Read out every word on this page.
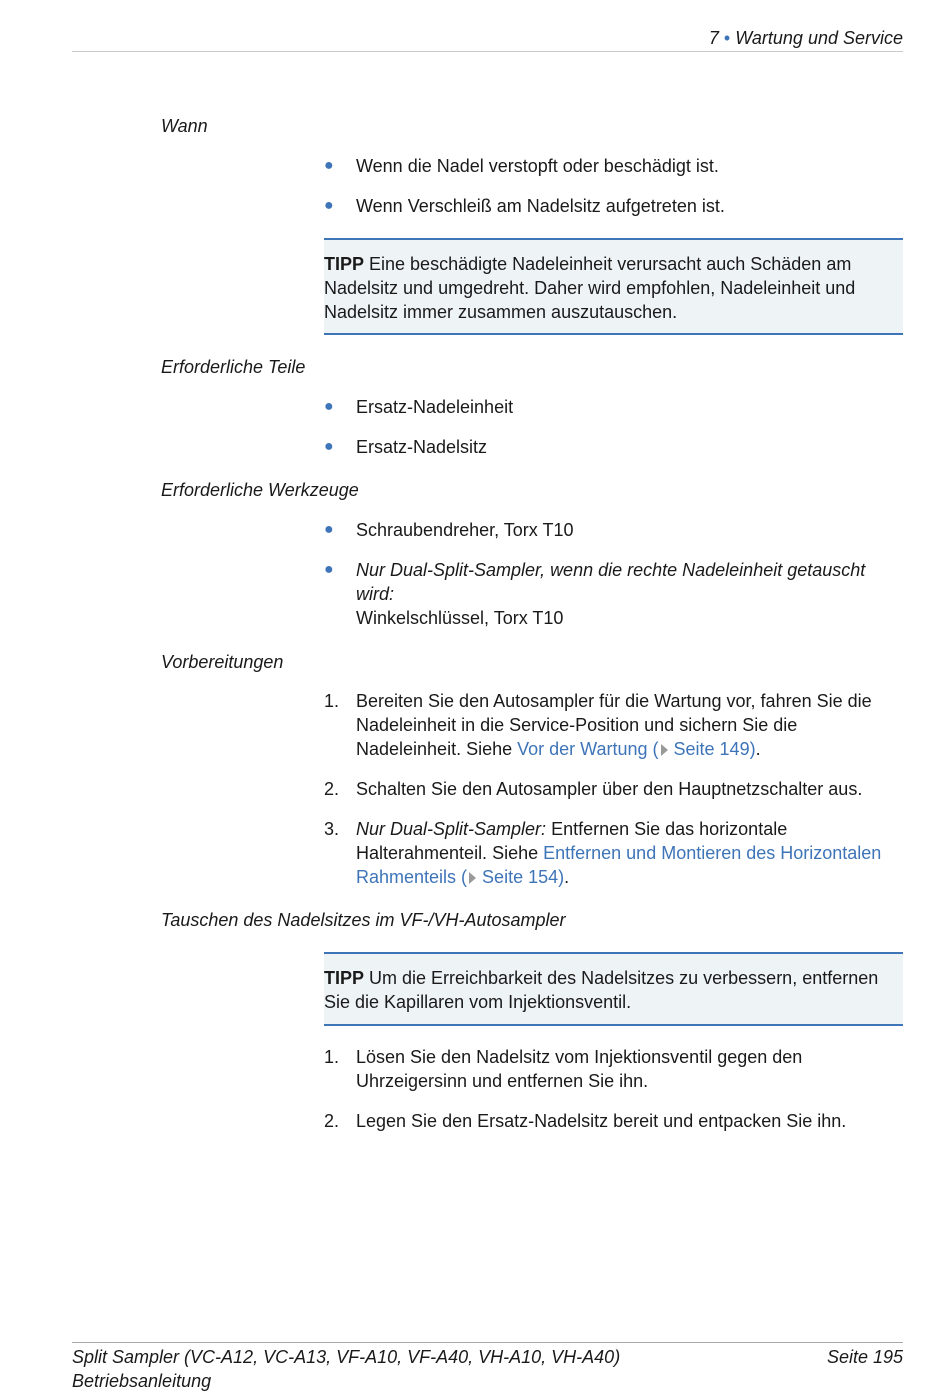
7 • Wartung und Service
Wann
● Wenn die Nadel verstopft oder beschädigt ist.
● Wenn Verschleiß am Nadelsitz aufgetreten ist.
TIPP Eine beschädigte Nadeleinheit verursacht auch Schäden am Nadelsitz und umgedreht. Daher wird empfohlen, Nadeleinheit und Nadelsitz immer zusammen auszutauschen.
Erforderliche Teile
● Ersatz-Nadeleinheit
● Ersatz-Nadelsitz
Erforderliche Werkzeuge
● Schraubendreher, Torx T10
● Nur Dual-Split-Sampler, wenn die rechte Nadeleinheit getauscht wird:
Winkelschlüssel, Torx T10
Vorbereitungen
1. Bereiten Sie den Autosampler für die Wartung vor, fahren Sie die Nadeleinheit in die Service-Position und sichern Sie die Nadeleinheit. Siehe Vor der Wartung ( Seite 149).
2. Schalten Sie den Autosampler über den Hauptnetzschalter aus.
3. Nur Dual-Split-Sampler: Entfernen Sie das horizontale Halterahmenteil. Siehe Entfernen und Montieren des Horizontalen Rahmenteils ( Seite 154).
Tauschen des Nadelsitzes im VF-/VH-Autosampler
TIPP Um die Erreichbarkeit des Nadelsitzes zu verbessern, entfernen Sie die Kapillaren vom Injektionsventil.
1. Lösen Sie den Nadelsitz vom Injektionsventil gegen den Uhrzeigersinn und entfernen Sie ihn.
2. Legen Sie den Ersatz-Nadelsitz bereit und entpacken Sie ihn.
Split Sampler (VC-A12, VC-A13, VF-A10, VF-A40, VH-A10, VH-A40)
Betriebsanleitung
Seite 195
